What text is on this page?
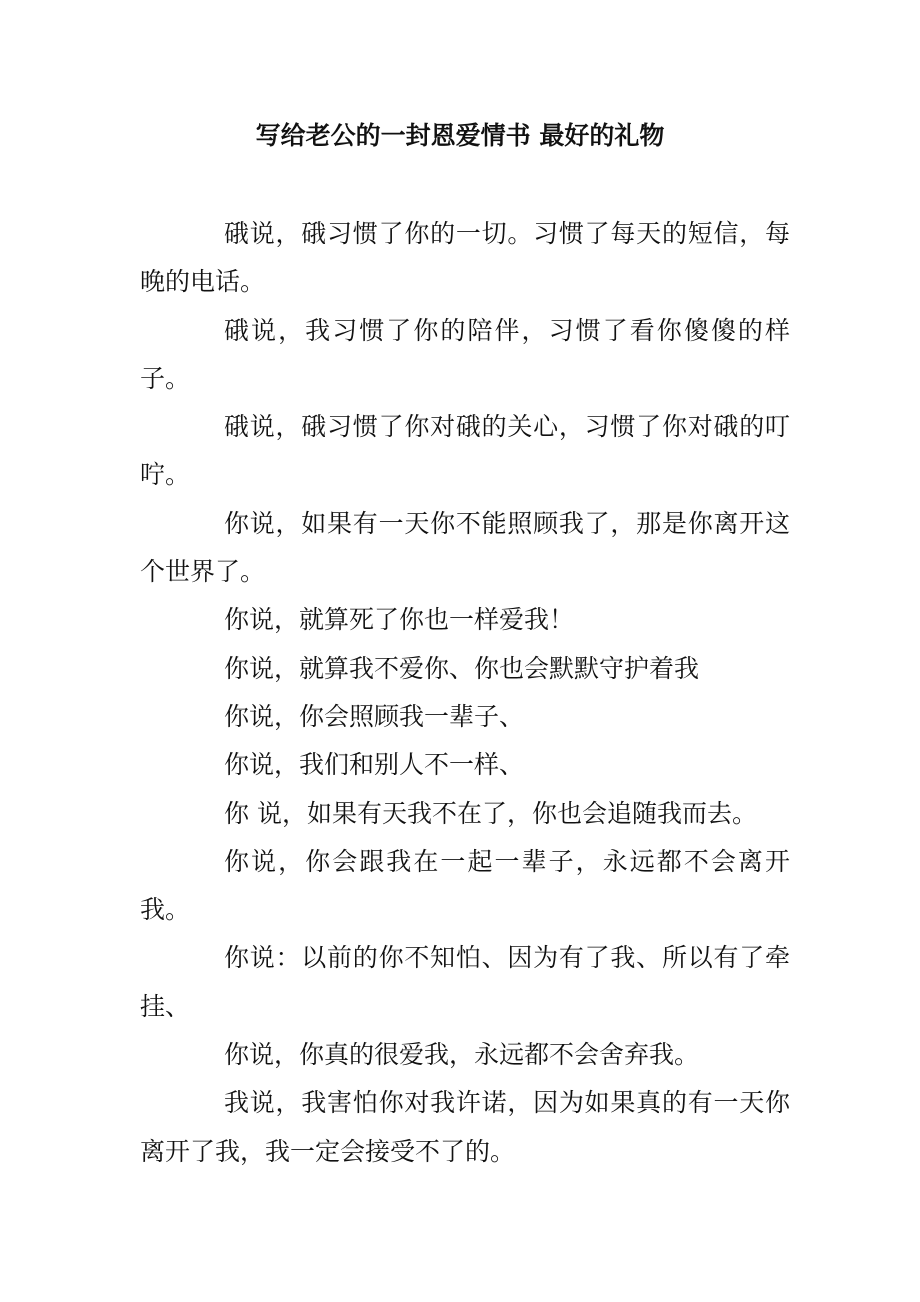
写给老公的一封恩爱情书 最好的礼物

硪说，硪习惯了你的一切。习惯了每天的短信，每晚的电话。

硪说，我习惯了你的陪伴，习惯了看你傻傻的样子。

硪说，硪习惯了你对硪的关心，习惯了你对硪的叮咛。

你说，如果有一天你不能照顾我了，那是你离开这个世界了。

你说，就算死了你也一样爱我！

你说，就算我不爱你、你也会默默守护着我

你说，你会照顾我一辈子、

你说，我们和别人不一样、

你 说，如果有天我不在了，你也会追随我而去。

你说，你会跟我在一起一辈子，永远都不会离开我。

你说：以前的你不知怕、因为有了我、所以有了牵挂、

你说，你真的很爱我，永远都不会舍弃我。

我说，我害怕你对我许诺，因为如果真的有一天你离开了我，我一定会接受不了的。
